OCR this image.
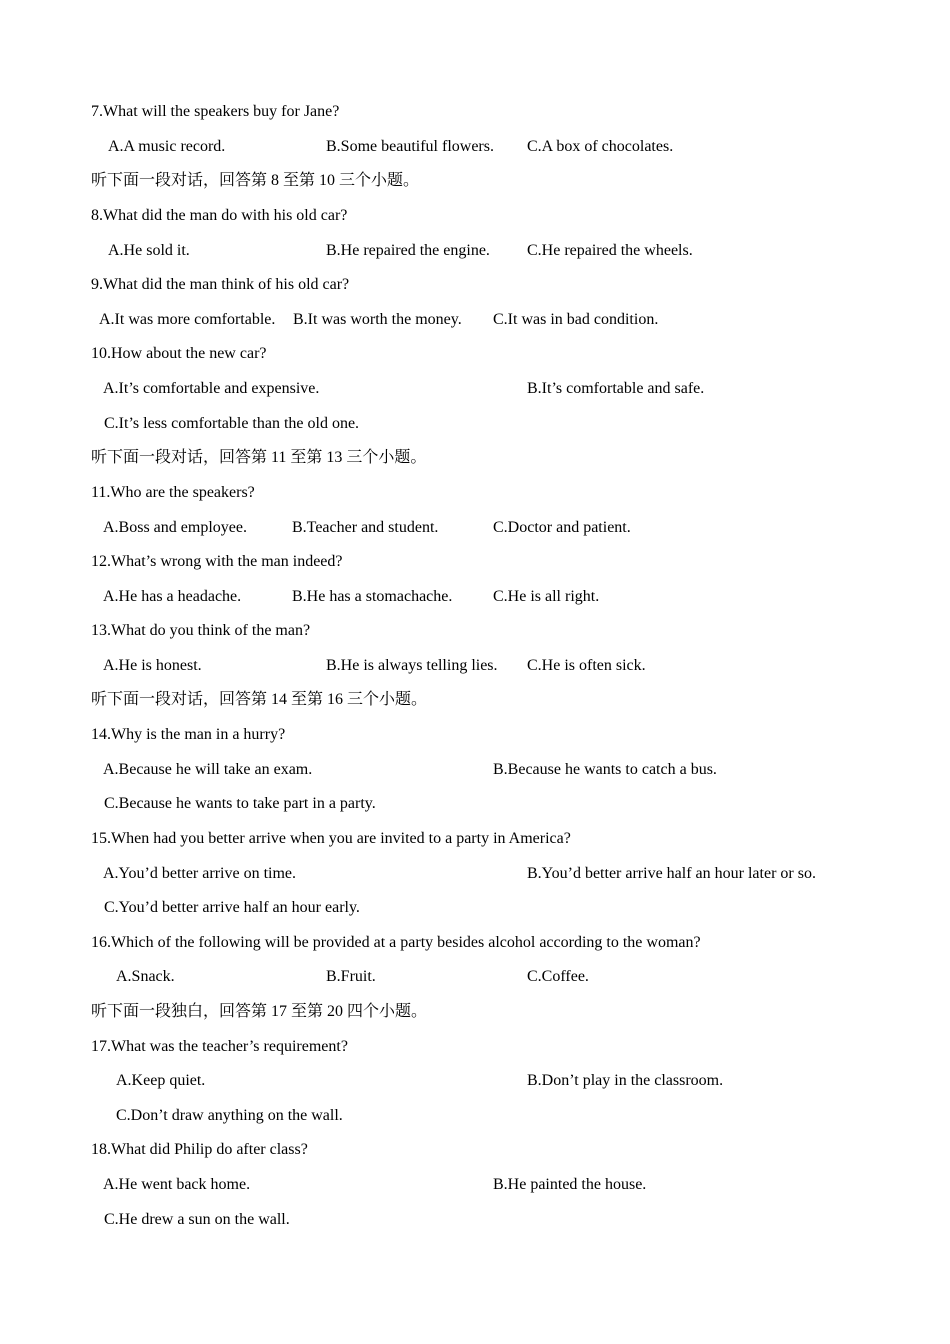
7.What will the speakers buy for Jane?
A.A music record.	B.Some beautiful flowers. C.A box of chocolates.
听下面一段对话，回答第 8 至第 10 三个小题。
8.What did the man do with his old car?
A.He sold it.	B.He repaired the engine. C.He repaired the wheels.
9.What did the man think of his old car?
A.It was more comfortable. B.It was worth the money. C.It was in bad condition.
10.How about the new car?
A.It’s comfortable and expensive.	B.It’s comfortable and safe.
C.It’s less comfortable than the old one.
听下面一段对话，回答第 11 至第 13 三个小题。
11.Who are the speakers?
A.Boss and employee.	B.Teacher and student.	C.Doctor and patient.
12.What’s wrong with the man indeed?
A.He has a headache.	B.He has a stomachache.	C.He is all right.
13.What do you think of the man?
A.He is honest.	B.He is always telling lies. C.He is often sick.
听下面一段对话，回答第 14 至第 16 三个小题。
14.Why is the man in a hurry?
A.Because he will take an exam.	B.Because he wants to catch a bus.
C.Because he wants to take part in a party.
15.When had you better arrive when you are invited to a party in America?
A.You’d better arrive on time.	B.You’d better arrive half an hour later or so.
C.You’d better arrive half an hour early.
16.Which of the following will be provided at a party besides alcohol according to the woman?
A.Snack.	B.Fruit.	C.Coffee.
听下面一段独白，回答第 17 至第 20 四个小题。
17.What was the teacher’s requirement?
A.Keep quiet.	B.Don’t play in the classroom.
C.Don’t draw anything on the wall.
18.What did Philip do after class?
A.He went back home.	B.He painted the house.
C.He drew a sun on the wall.
